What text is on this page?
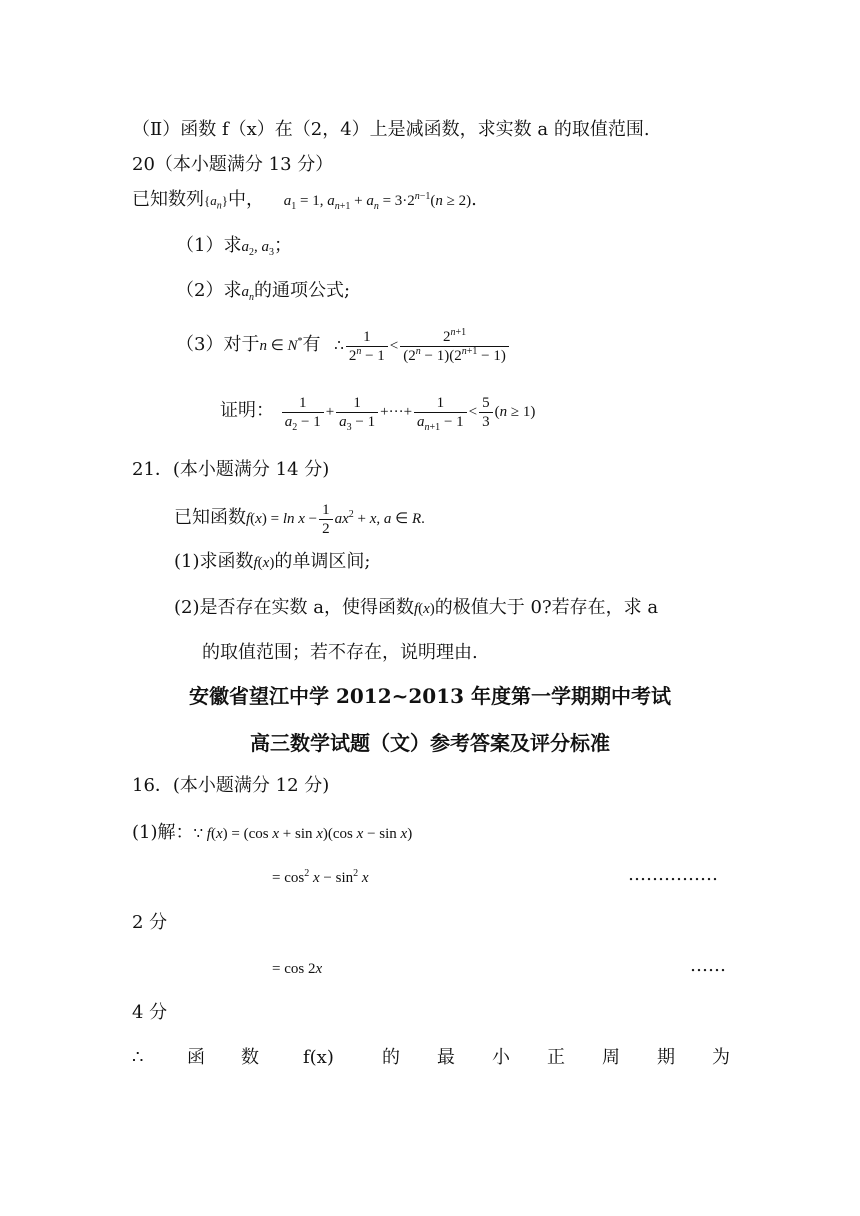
（Ⅱ）函数 f（x）在（2，4）上是减函数，求实数 a 的取值范围.
20（本小题满分 13 分）
已知数列$\{a_n\}$中， $a_1 = 1$, $a_{n+1} + a_n = 3\cdot 2^{n-1}(n \ge 2)$.
（1）求$a_2$, $a_3$；
（2）求$a_n$的通项公式;
（3）对于n ∈ N*有 ∴ $\frac{1}{2^n - 1} < \frac{2^{n+1}}{(2^n - 1)(2^{n+1} - 1)}$
证明： $\frac{1}{a_2 - 1} + \frac{1}{a_3 - 1}$ +···+ $\frac{1}{a_{n+1} - 1} < \frac{5}{3} (n \ge 1)$
21．(本小题满分 14 分)
已知函数$f(x) = \ln x - \frac{1}{2} ax^2 + x$, a ∈ R.
(1)求函数f(x)的单调区间;
(2)是否存在实数 a，使得函数f(x)的极值大于 0?若存在，求 a
的取值范围；若不存在，说明理由.
安徽省望江中学 2012~2013 年度第一学期期中考试
高三数学试题（文）参考答案及评分标准
16．(本小题满分 12 分)
(1)解：∵ f(x) = (cos x + sin x)(cos x − sin x)
= $\cos^2 x - \sin^2 x$	……………
2 分
= cos 2x	……
4 分
∴ 函 数 f(x)	的 最 小 正 周 期 为
